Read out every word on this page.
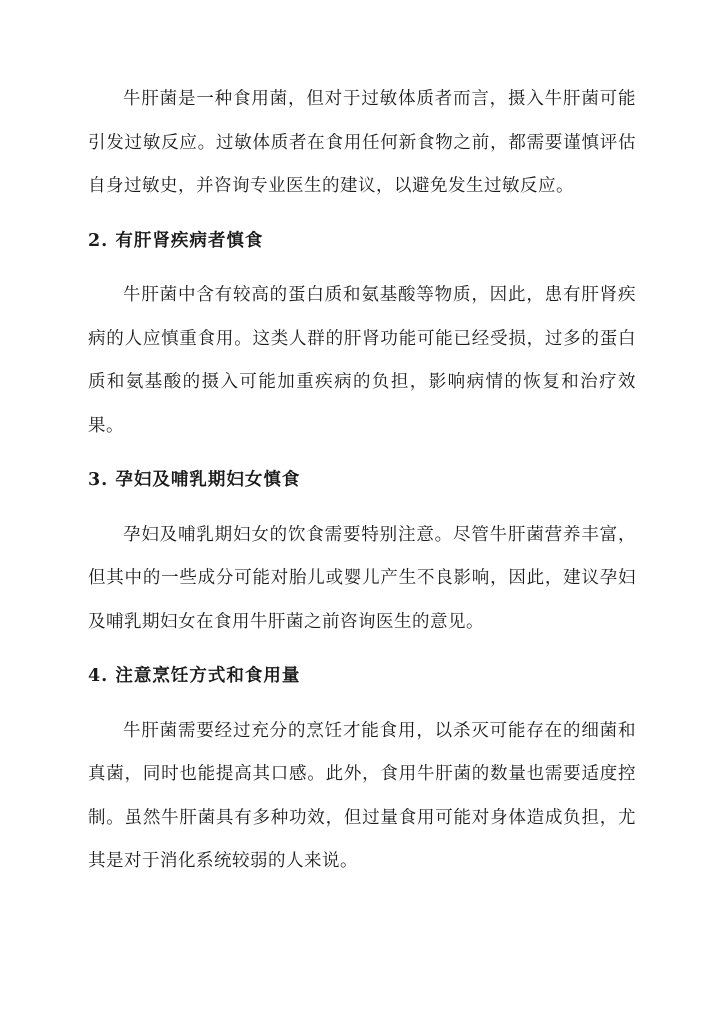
牛肝菌是一种食用菌，但对于过敏体质者而言，摄入牛肝菌可能引发过敏反应。过敏体质者在食用任何新食物之前，都需要谨慎评估自身过敏史，并咨询专业医生的建议，以避免发生过敏反应。

2. 有肝肾疾病者慎食

牛肝菌中含有较高的蛋白质和氨基酸等物质，因此，患有肝肾疾病的人应慎重食用。这类人群的肝肾功能可能已经受损，过多的蛋白质和氨基酸的摄入可能加重疾病的负担，影响病情的恢复和治疗效果。

3. 孕妇及哺乳期妇女慎食

孕妇及哺乳期妇女的饮食需要特别注意。尽管牛肝菌营养丰富，但其中的一些成分可能对胎儿或婴儿产生不良影响，因此，建议孕妇及哺乳期妇女在食用牛肝菌之前咨询医生的意见。

4. 注意烹饪方式和食用量

牛肝菌需要经过充分的烹饪才能食用，以杀灭可能存在的细菌和真菌，同时也能提高其口感。此外，食用牛肝菌的数量也需要适度控制。虽然牛肝菌具有多种功效，但过量食用可能对身体造成负担，尤其是对于消化系统较弱的人来说。
